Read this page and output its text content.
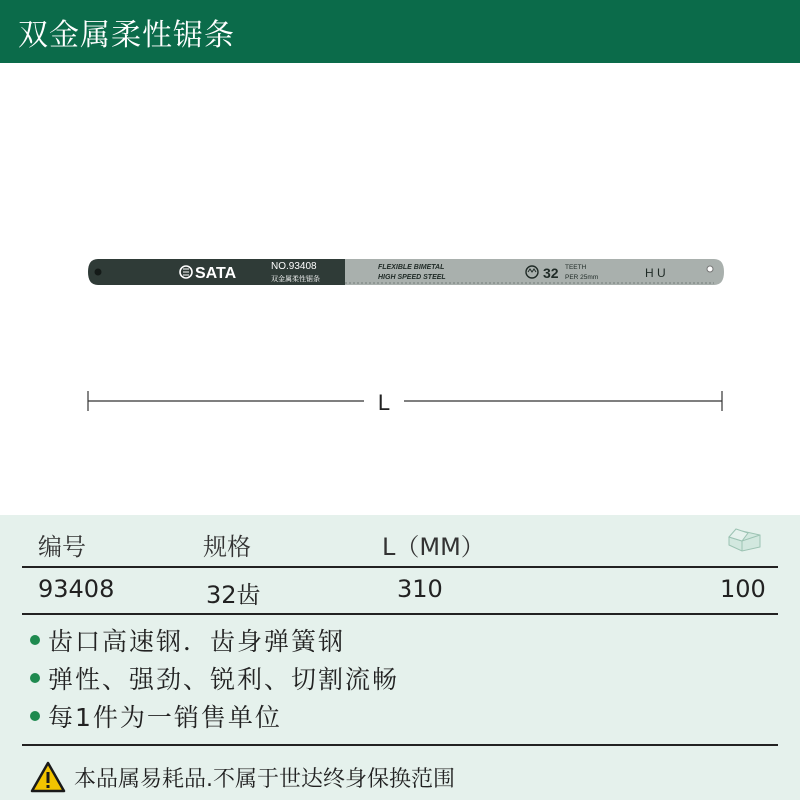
双金属柔性锯条
SATA	NO.93408
双金属柔性锯条
FLEXIBLE BIMETAL
HIGH SPEED STEEL	32 TEETH
PER 25mm	H U
L
编号	规格	L（MM）
93408	32齿	310	100
齿口高速钢．齿身弹簧钢
弹性、强劲、锐利、切割流畅
每1件为一销售单位
本品属易耗品.不属于世达终身保换范围
